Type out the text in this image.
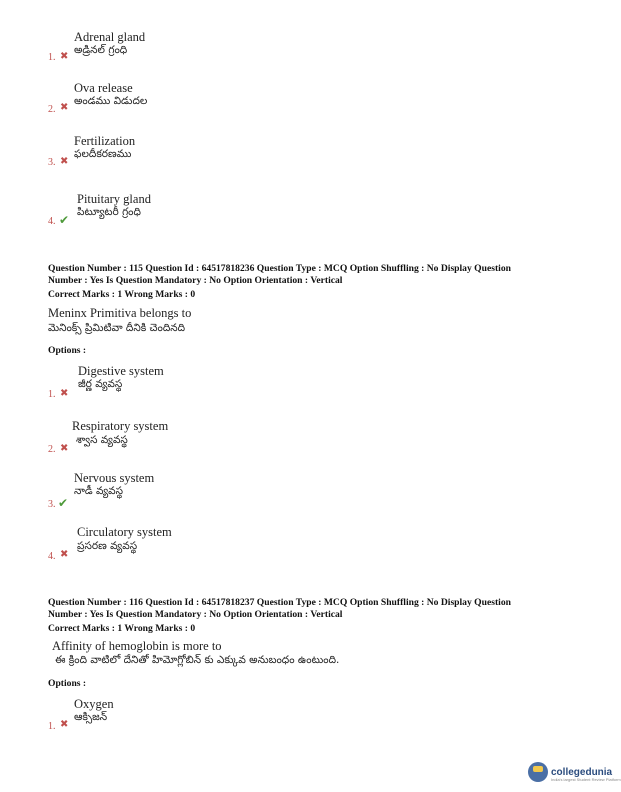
Adrenal gland
అడ్రినల్ గ్రంధి
1. ✖
Ova release
అండము విడుదల
2. ✖
Fertilization
ఫలదీకరణము
3. ✖
Pituitary gland
పిట్యూటరీ గ్రంధి
4. ✔
Question Number : 115 Question Id : 64517818236 Question Type : MCQ Option Shuffling : No Display Question
Number : Yes Is Question Mandatory : No Option Orientation : Vertical
Correct Marks : 1 Wrong Marks : 0
Meninx Primitiva belongs to
మెనింక్స్ ప్రిమిటివా దీనికి చెందినది
Options :
Digestive system
జీర్ణ వ్యవస్థ
1. ✖
Respiratory system
శ్వాస వ్యవస్థ
2. ✖
Nervous system
నాడీ వ్యవస్థ
3. ✔
Circulatory system
ప్రసరణ వ్యవస్థ
4. ✖
Question Number : 116 Question Id : 64517818237 Question Type : MCQ Option Shuffling : No Display Question
Number : Yes Is Question Mandatory : No Option Orientation : Vertical
Correct Marks : 1 Wrong Marks : 0
Affinity of hemoglobin is more to
ఈ క్రింది వాటిలో దేనితో హిమోగ్లోబిన్ కు ఎక్కువ అనుబంధం ఉంటుంది.
Options :
Oxygen
ఆక్సిజన్
1. ✖
collegedunia
India's largest Student Review Platform
